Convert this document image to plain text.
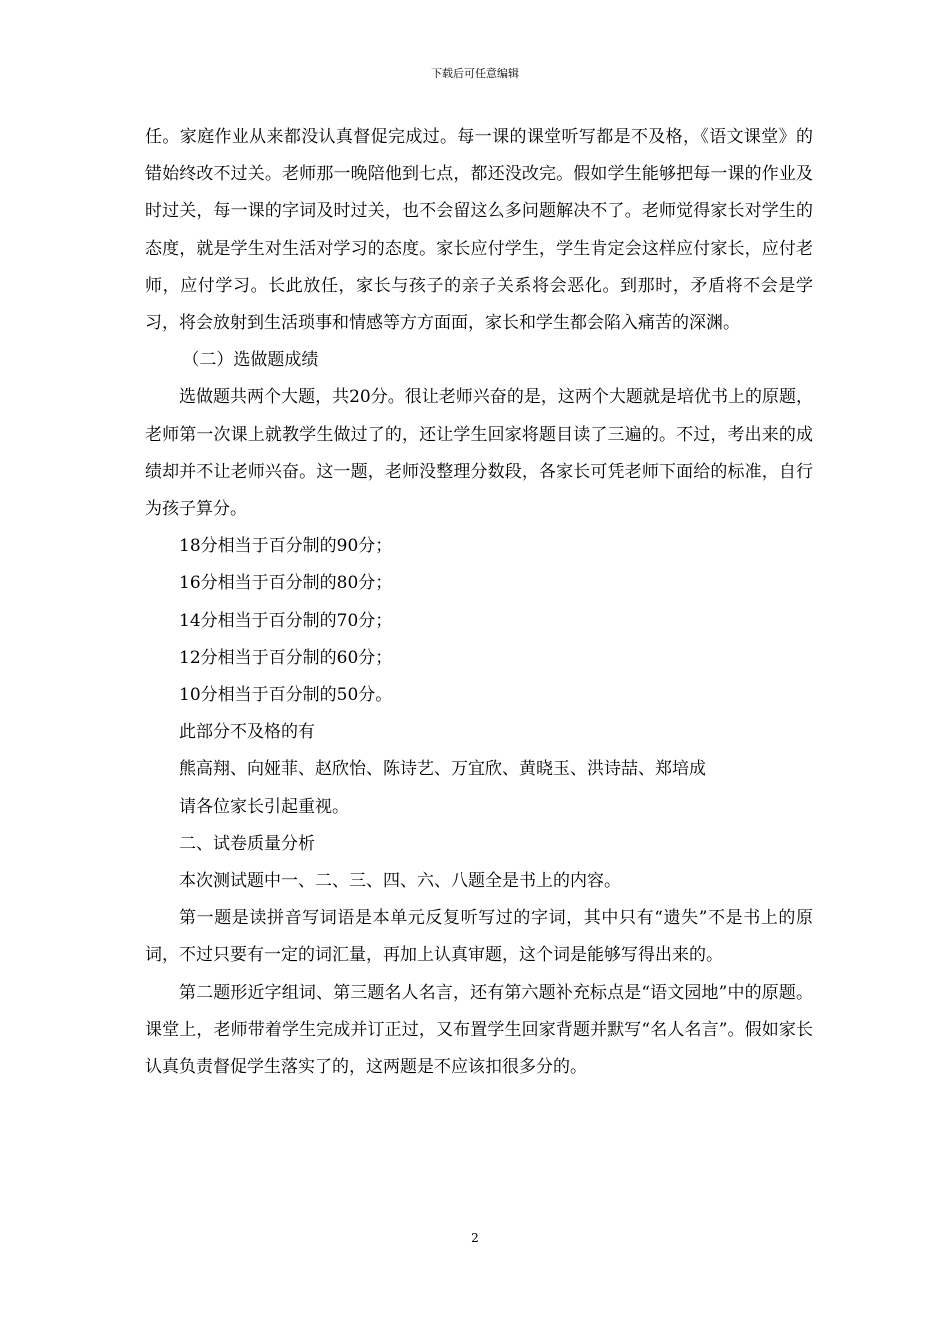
下载后可任意编辑

任。家庭作业从来都没认真督促完成过。每一课的课堂听写都是不及格，《语文课堂》的错始终改不过关。老师那一晚陪他到七点，都还没改完。假如学生能够把每一课的作业及时过关，每一课的字词及时过关，也不会留这么多问题解决不了。老师觉得家长对学生的态度，就是学生对生活对学习的态度。家长应付学生，学生肯定会这样应付家长，应付老师，应付学习。长此放任，家长与孩子的亲子关系将会恶化。到那时，矛盾将不会是学习，将会放射到生活琐事和情感等方方面面，家长和学生都会陷入痛苦的深渊。

（二）选做题成绩

选做题共两个大题，共20分。很让老师兴奋的是，这两个大题就是培优书上的原题，老师第一次课上就教学生做过了的，还让学生回家将题目读了三遍的。不过，考出来的成绩却并不让老师兴奋。这一题，老师没整理分数段，各家长可凭老师下面给的标准，自行为孩子算分。

18分相当于百分制的90分；

16分相当于百分制的80分；

14分相当于百分制的70分；

12分相当于百分制的60分；

10分相当于百分制的50分。

此部分不及格的有

熊高翔、向娅菲、赵欣怡、陈诗艺、万宜欣、黄晓玉、洪诗喆、郑培成

请各位家长引起重视。

二、试卷质量分析

本次测试题中一、二、三、四、六、八题全是书上的内容。

第一题是读拼音写词语是本单元反复听写过的字词，其中只有“遗失”不是书上的原词，不过只要有一定的词汇量，再加上认真审题，这个词是能够写得出来的。

第二题形近字组词、第三题名人名言，还有第六题补充标点是“语文园地”中的原题。课堂上，老师带着学生完成并订正过，又布置学生回家背题并默写“名人名言”。假如家长认真负责督促学生落实了的，这两题是不应该扣很多分的。

2
